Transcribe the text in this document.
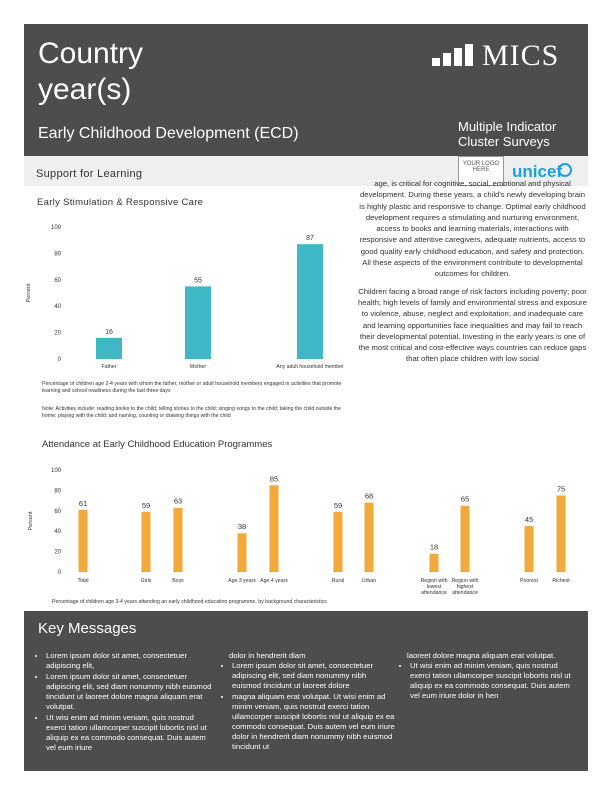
Country year(s)
Early Childhood Development (ECD)
MICS
Multiple Indicator Cluster Surveys
Support for Learning
YOUR LOGO HERE	unicef
Early Stimulation & Responsive Care
0
20
40
60
80
100
Percent
16
Father
55
Mother
87
Any adult household member
Percentage of children age 2-4 years with whom the father, mother or adult household members engaged in activities that promote learning and school readiness during the last three days
Note: Activities include: reading books to the child; telling stories to the child; singing songs to the child; taking the child outside the home; playing with the child; and naming, counting or drawing things with the child

age, is critical for cognitive, social, emotional and physical development. During these years, a child's newly developing brain is highly plastic and responsive to change. Optimal early childhood development requires a stimulating and nurturing environment, access to books and learning materials, interactions with responsive and attentive caregivers, adequate nutrients, access to good quality early childhood education, and safety and protection. All these aspects of the environment contribute to developmental outcomes for children.

Children facing a broad range of risk factors including poverty; poor health; high levels of family and environmental stress and exposure to violence, abuse, neglect and exploitation; and inadequate care and learning opportunities face inequalities and may fail to reach their developmental potential. Investing in the early years is one of the most critical and cost-effective ways countries can reduce gaps that often place children with low social

Attendance at Early Childhood Education Programmes
0
20
40
60
80
100
Percent
61
Total
59
Girls
63
Boys
38
Age 3 years
85
Age 4 years
59
Rural
68
Urban
18
Region with
lowest
attendance
65
Region with
highest
attendance
45
Poorest
75
Richest
Percentage of children age 3-4 years attending an early childhood education programme, by background characteristics
Key Messages
• Lorem ipsum dolor sit amet, consectetuer adipiscing elit,
• Lorem ipsum dolor sit amet, consectetuer adipiscing elit, sed diam nonummy nibh euismod tincidunt ut laoreet dolore magna aliquam erat volutpat.
• Ut wisi enim ad minim veniam, quis nostrud exerci tation ullamcorper suscipit lobortis nisl ut aliquip ex ea commodo consequat. Duis autem vel eum iriure

dolor in hendrerit diam

• Lorem ipsum dolor sit amet, consectetuer adipiscing elit, sed diam nonummy nibh euismod tincidunt ut laoreet dolore
• magna aliquam erat volutpat. Ut wisi enim ad minim veniam, quis nostrud exerci tation ullamcorper suscipit lobortis nisl ut aliquip ex ea commodo consequat. Duis autem vel eum iriure dolor in hendrerit diam nonummy nibh euismod tincidunt ut

laoreet dolore magna aliquam erat volutpat.

• Ut wisi enim ad minim veniam, quis nostrud exerci tation ullamcorper suscipit lobortis nisl ut aliquip ex ea commodo consequat. Duis autem vel eum iriure dolor in hen
